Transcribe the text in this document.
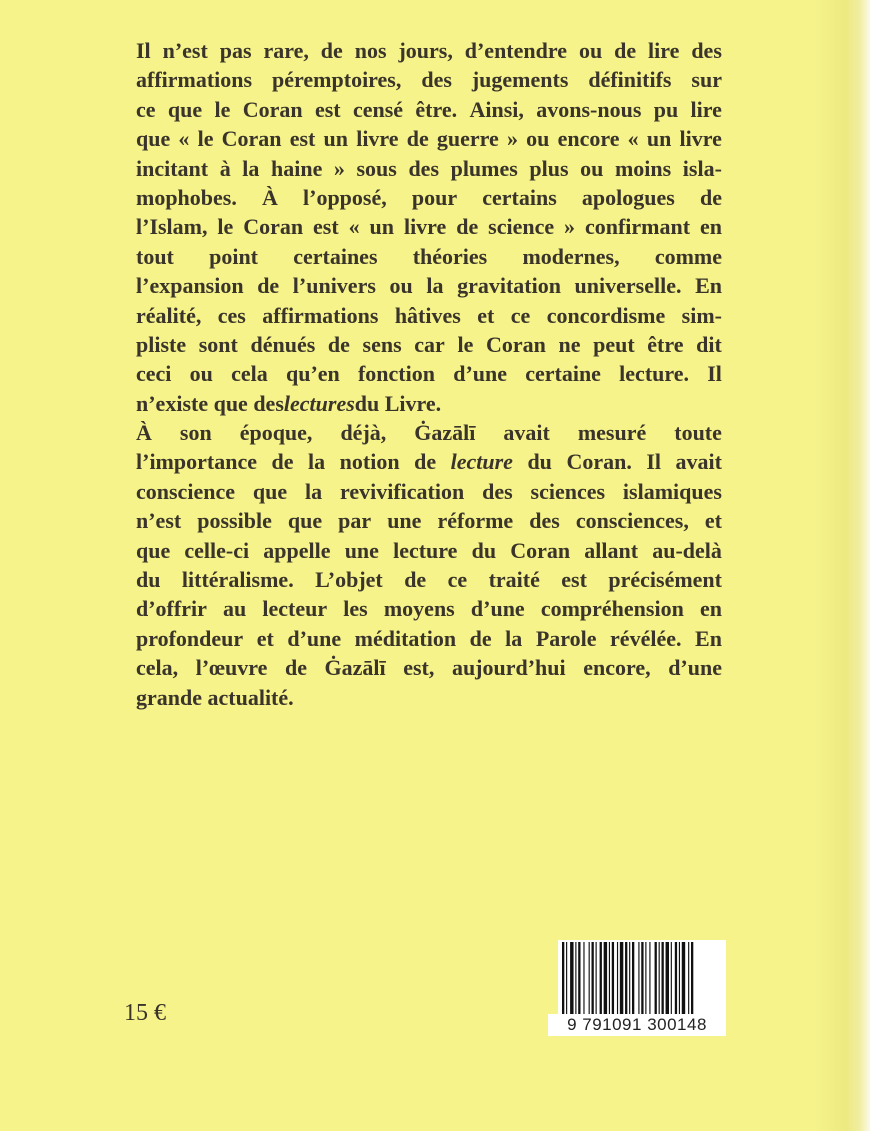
Il n’est pas rare, de nos jours, d’entendre ou de lire des
affirmations péremptoires, des jugements définitifs sur
ce que le Coran est censé être. Ainsi, avons-nous pu lire
que « le Coran est un livre de guerre » ou encore « un livre
incitant à la haine » sous des plumes plus ou moins isla-
mophobes. À l’opposé, pour certains apologues de
l’Islam, le Coran est « un livre de science » confirmant en
tout point certaines théories modernes, comme
l’expansion de l’univers ou la gravitation universelle. En
réalité, ces affirmations hâtives et ce concordisme sim-
pliste sont dénués de sens car le Coran ne peut être dit
ceci ou cela qu’en fonction d’une certaine lecture. Il
n’existe que des lectures du Livre.
À son époque, déjà, Ġazālī avait mesuré toute
l’importance de la notion de lecture du Coran. Il avait
conscience que la revivification des sciences islamiques
n’est possible que par une réforme des consciences, et
que celle-ci appelle une lecture du Coran allant au-delà
du littéralisme. L’objet de ce traité est précisément
d’offrir au lecteur les moyens d’une compréhension en
profondeur et d’une méditation de la Parole révélée. En
cela, l’œuvre de Ġazālī est, aujourd’hui encore, d’une
grande actualité.
15 €	9 791091 300148
